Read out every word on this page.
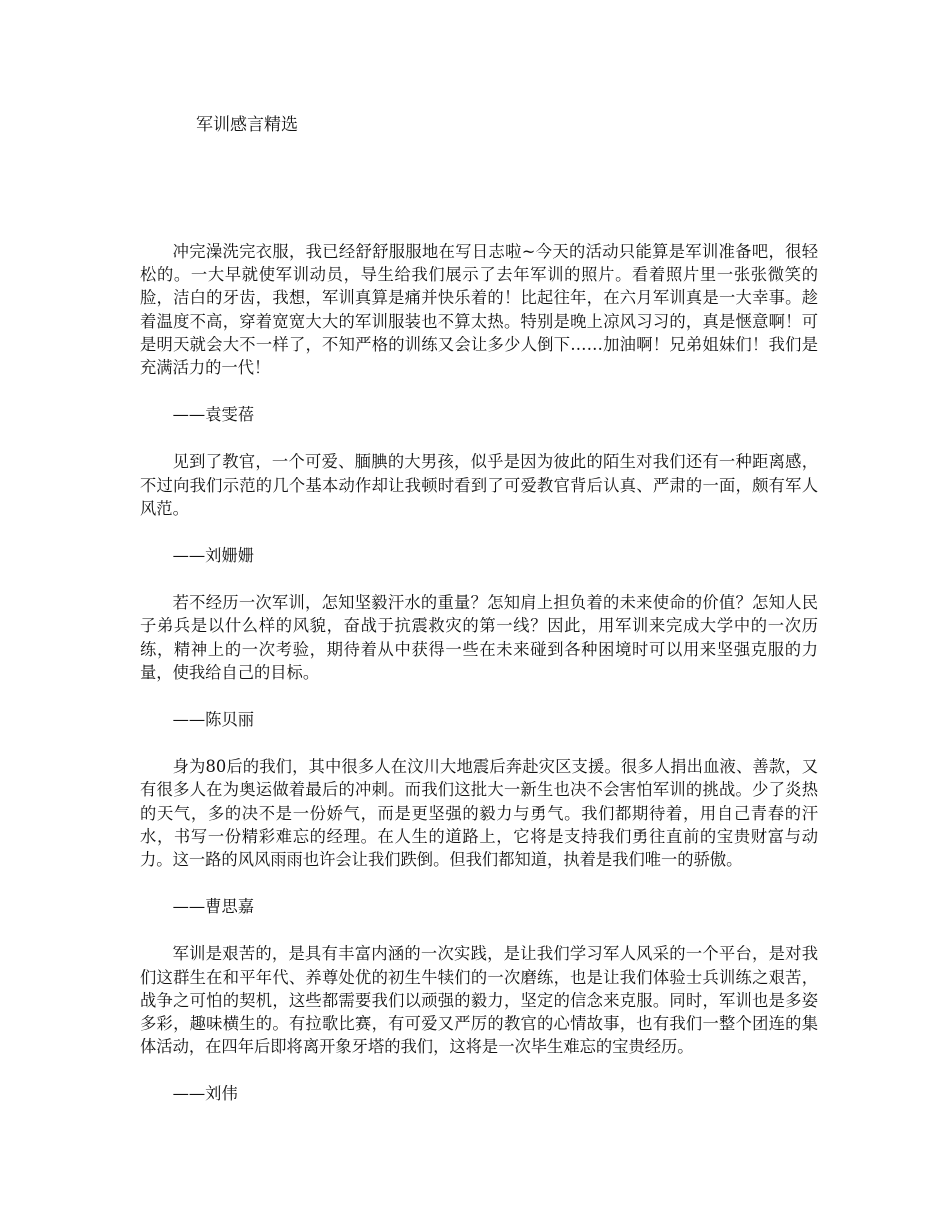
军训感言精选

冲完澡洗完衣服，我已经舒舒服服地在写日志啦~今天的活动只能算是军训准备吧，很轻松的。一大早就使军训动员，导生给我们展示了去年军训的照片。看着照片里一张张微笑的脸，洁白的牙齿，我想，军训真算是痛并快乐着的！比起往年，在六月军训真是一大幸事。趁着温度不高，穿着宽宽大大的军训服装也不算太热。特别是晚上凉风习习的，真是惬意啊！可是明天就会大不一样了，不知严格的训练又会让多少人倒下……加油啊！兄弟姐妹们！我们是充满活力的一代！

——袁雯蓓

见到了教官，一个可爱、腼腆的大男孩，似乎是因为彼此的陌生对我们还有一种距离感，不过向我们示范的几个基本动作却让我顿时看到了可爱教官背后认真、严肃的一面，颇有军人风范。

——刘姗姗

若不经历一次军训，怎知坚毅汗水的重量？怎知肩上担负着的未来使命的价值？怎知人民子弟兵是以什么样的风貌，奋战于抗震救灾的第一线？因此，用军训来完成大学中的一次历练，精神上的一次考验，期待着从中获得一些在未来碰到各种困境时可以用来坚强克服的力量，使我给自己的目标。

——陈贝丽

身为80后的我们，其中很多人在汶川大地震后奔赴灾区支援。很多人捐出血液、善款，又有很多人在为奥运做着最后的冲刺。而我们这批大一新生也决不会害怕军训的挑战。少了炎热的天气，多的决不是一份娇气，而是更坚强的毅力与勇气。我们都期待着，用自己青春的汗水，书写一份精彩难忘的经理。在人生的道路上，它将是支持我们勇往直前的宝贵财富与动力。这一路的风风雨雨也许会让我们跌倒。但我们都知道，执着是我们唯一的骄傲。

——曹思嘉

军训是艰苦的，是具有丰富内涵的一次实践，是让我们学习军人风采的一个平台，是对我们这群生在和平年代、养尊处优的初生牛犊们的一次磨练，也是让我们体验士兵训练之艰苦，战争之可怕的契机，这些都需要我们以顽强的毅力，坚定的信念来克服。同时，军训也是多姿多彩，趣味横生的。有拉歌比赛，有可爱又严厉的教官的心情故事，也有我们一整个团连的集体活动，在四年后即将离开象牙塔的我们，这将是一次毕生难忘的宝贵经历。

——刘伟
